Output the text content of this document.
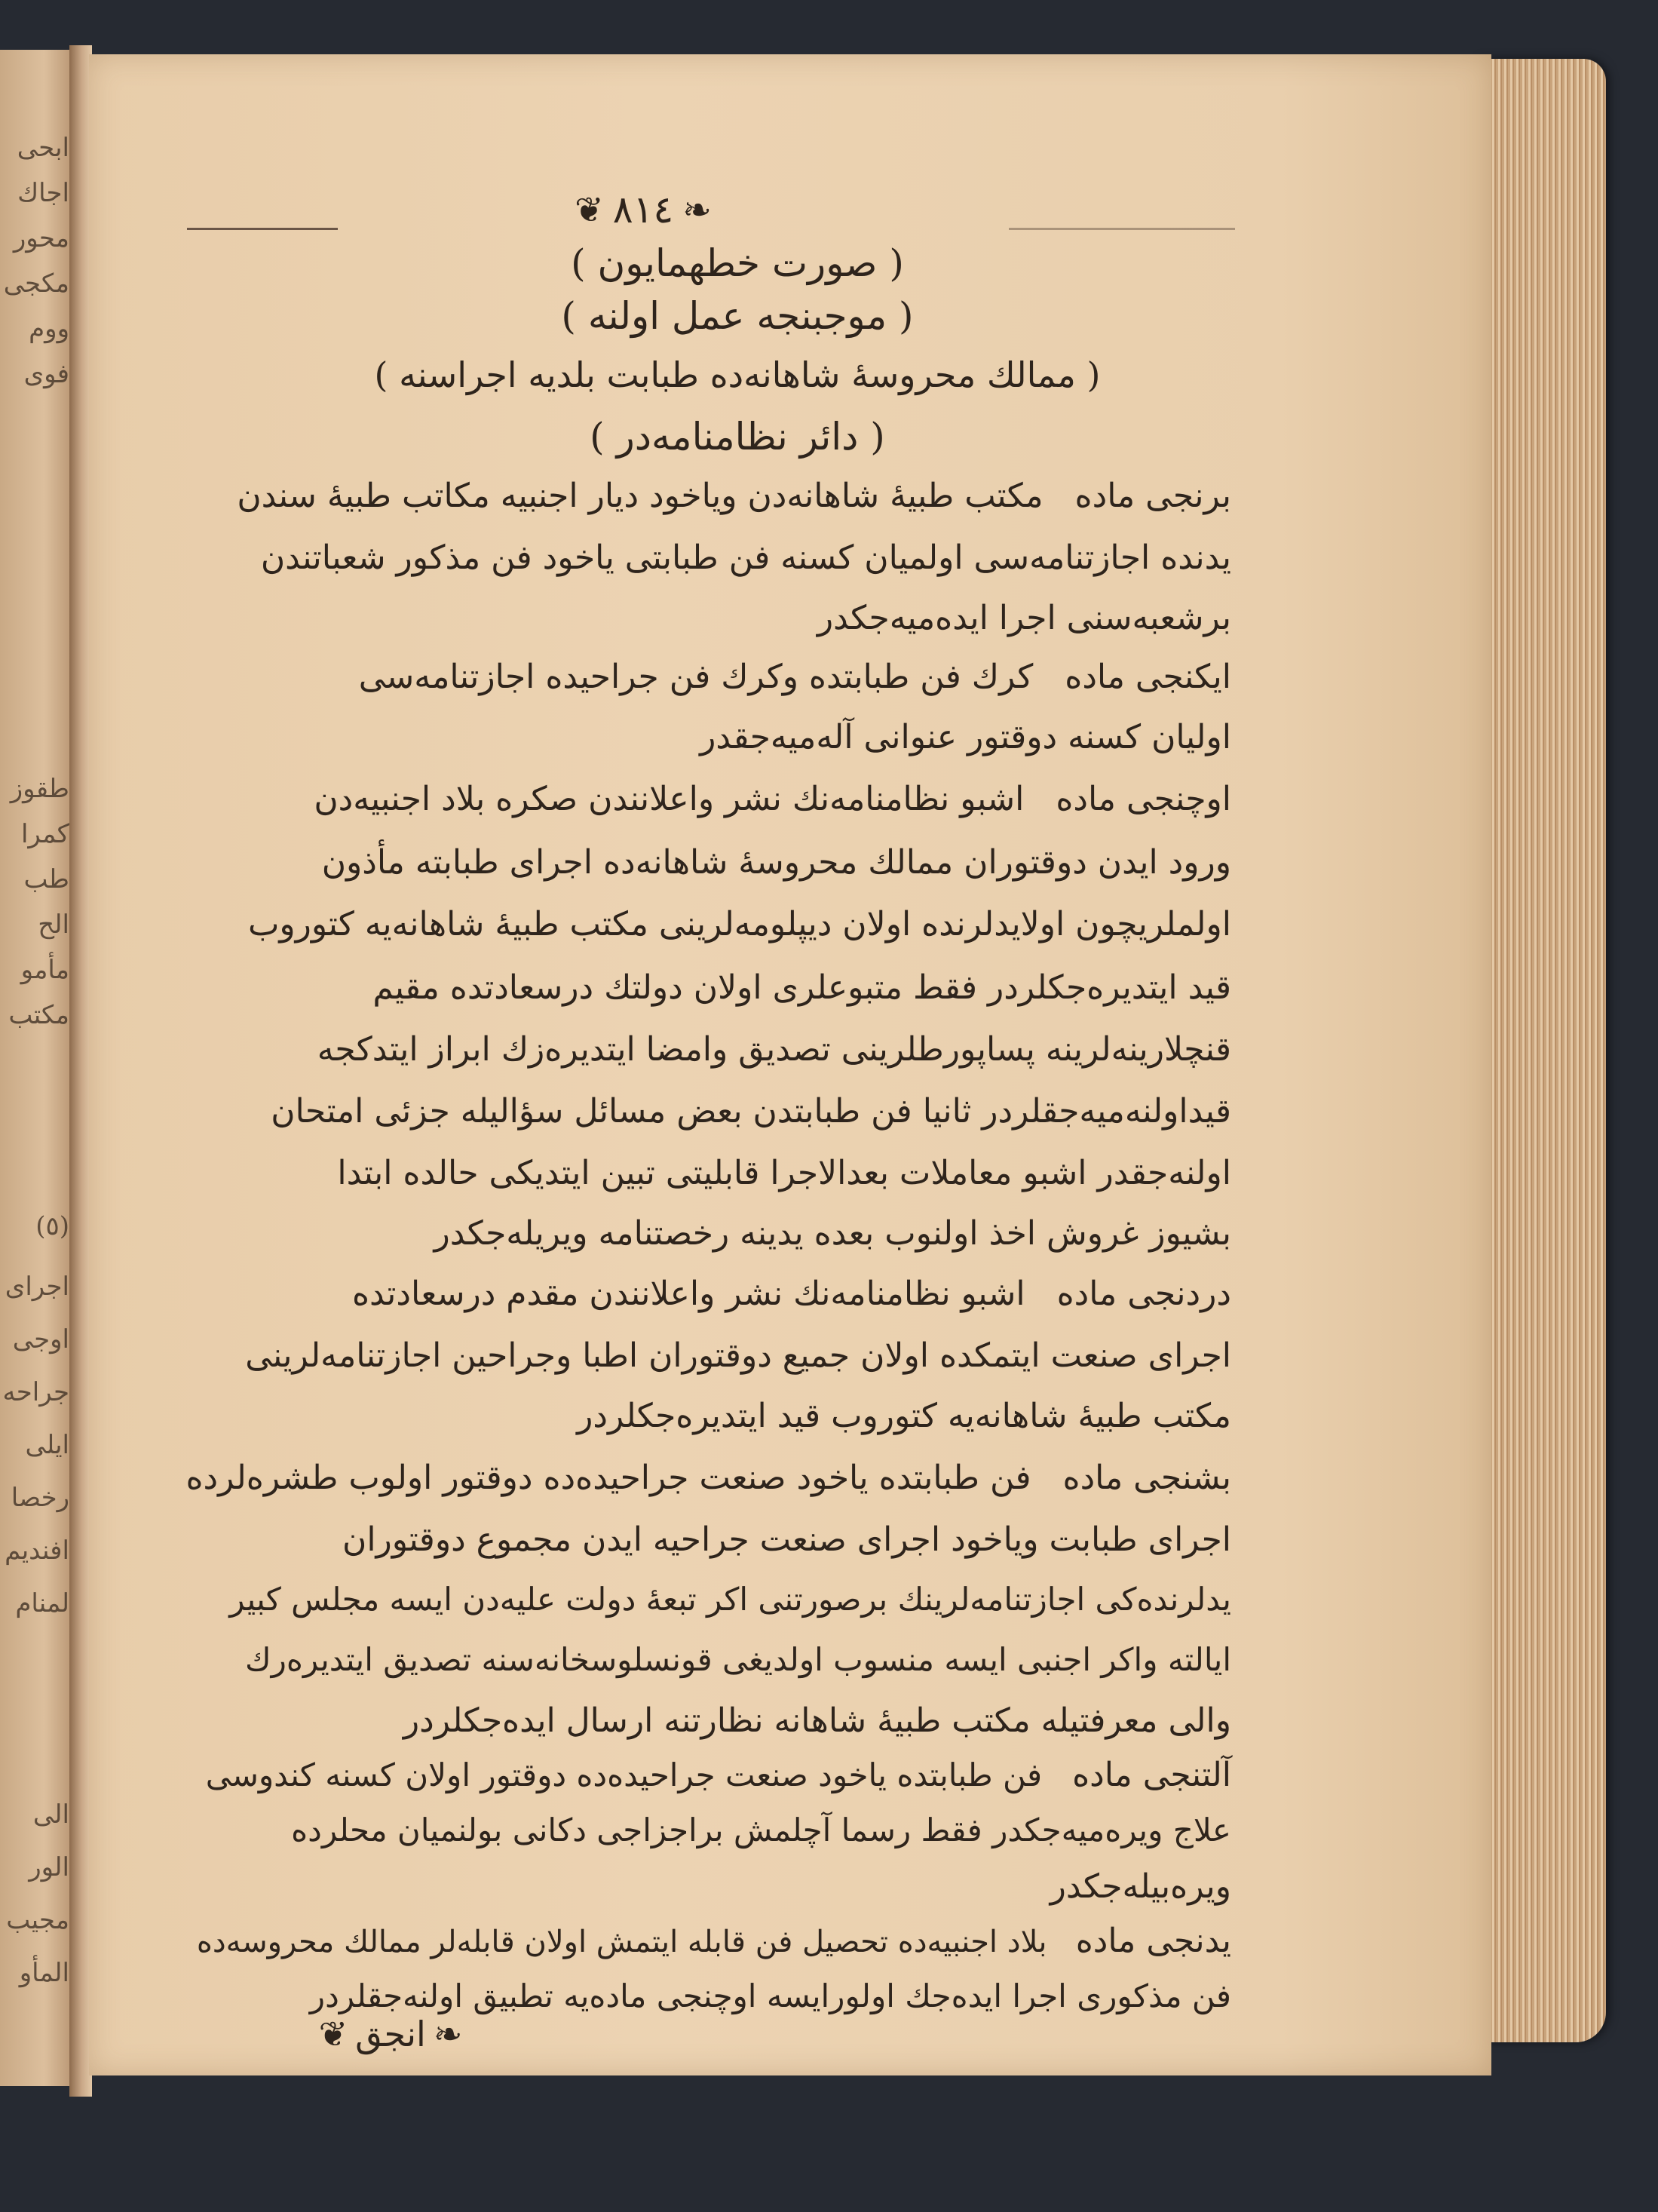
ابحی
اجاك
محور
مكجی
ووم
فوی
طقوز
كمرا
طب
الح
مأمو
مكتب
(٥)
اجرای
اوجی
جراحه
ايلی
رخصا
افنديم
لمنام
الى
الور
مجيب
المأو
❦ ۸۱٤ ❧
( صورت خطهمايون )
( موجبنجه عمل اولنه )
( ممالك محروسهٔ شاهانه‌ده طبابت بلديه اجراسنه )
( دائر نظامنامه‌در )
برنجی ماده   مکتب طبیهٔ شاهانه‌دن وياخود ديار اجنبيه مکاتب طبيهٔ سندن
يدنده اجازتنامه‌سی اولميان کسنه فن طبابتی ياخود فن مذکور شعباتندن
برشعبه‌سنی اجرا ايده‌ميه‌جکدر
ایکنجی ماده   کرك فن طبابتده وکرك فن جراحيده اجازتنامه‌سی
اوليان کسنه دوقتور عنوانی آله‌ميه‌جقدر
اوچنجی ماده   اشبو نظامنامه‌نك نشر واعلانندن صکره بلاد اجنبيه‌دن
ورود ايدن دوقتوران ممالك محروسهٔ شاهانه‌ده اجرای طبابته مأذون
اولملريچون اولايدلرنده اولان ديپلومه‌لرينی مکتب طبيهٔ شاهانه‌يه کتوروب
قيد ايتديره‌جکلردر فقط متبوعلری اولان دولتك درسعادتده مقيم
قنچلارينه‌لرينه پساپورطلرينی تصديق وامضا ايتديره‌زك ابراز ايتدکجه
قيداولنه‌ميه‌جقلردر ثانيا فن طبابتدن بعض مسائل سؤاليله جزئی امتحان
اولنه‌جقدر اشبو معاملات بعدالاجرا قابليتی تبين ايتديکی حالده ابتدا
بشيوز غروش اخذ اولنوب بعده يدينه رخصتنامه ويريله‌جکدر
دردنجی ماده   اشبو نظامنامه‌نك نشر واعلانندن مقدم درسعادتده
اجرای صنعت ايتمکده اولان جميع دوقتوران اطبا وجراحين اجازتنامه‌لرينی
مکتب طبيهٔ شاهانه‌يه کتوروب قيد ايتديره‌جکلردر
بشنجی ماده   فن طبابتده ياخود صنعت جراحيده‌ده دوقتور اولوب طشره‌لرده
اجرای طبابت وياخود اجرای صنعت جراحيه ايدن مجموع دوقتوران
يدلرنده‌کی اجازتنامه‌لرينك برصورتنی اکر تبعهٔ دولت عليه‌دن ايسه مجلس کبير
ايالته واکر اجنبی ايسه منسوب اولديغی قونسلوسخانه‌سنه تصديق ايتديره‌رك
والی معرفتيله مکتب طبيهٔ شاهانه نظارتنه ارسال ايده‌جکلردر
آلتنجی ماده   فن طبابتده ياخود صنعت جراحيده‌ده دوقتور اولان کسنه کندوسی
علاج ويره‌ميه‌جکدر فقط رسما آچلمش براجزاجی دکانی بولنميان محلرده
ويره‌بيله‌جکدر
يدنجی ماده   بلاد اجنبيه‌ده تحصيل فن قابله ايتمش اولان قابله‌لر ممالك محروسه‌ده
فن مذکوری اجرا ايده‌جك اولورايسه اوچنجی ماده‌يه تطبيق اولنه‌جقلردر
❦ انجق ❧
